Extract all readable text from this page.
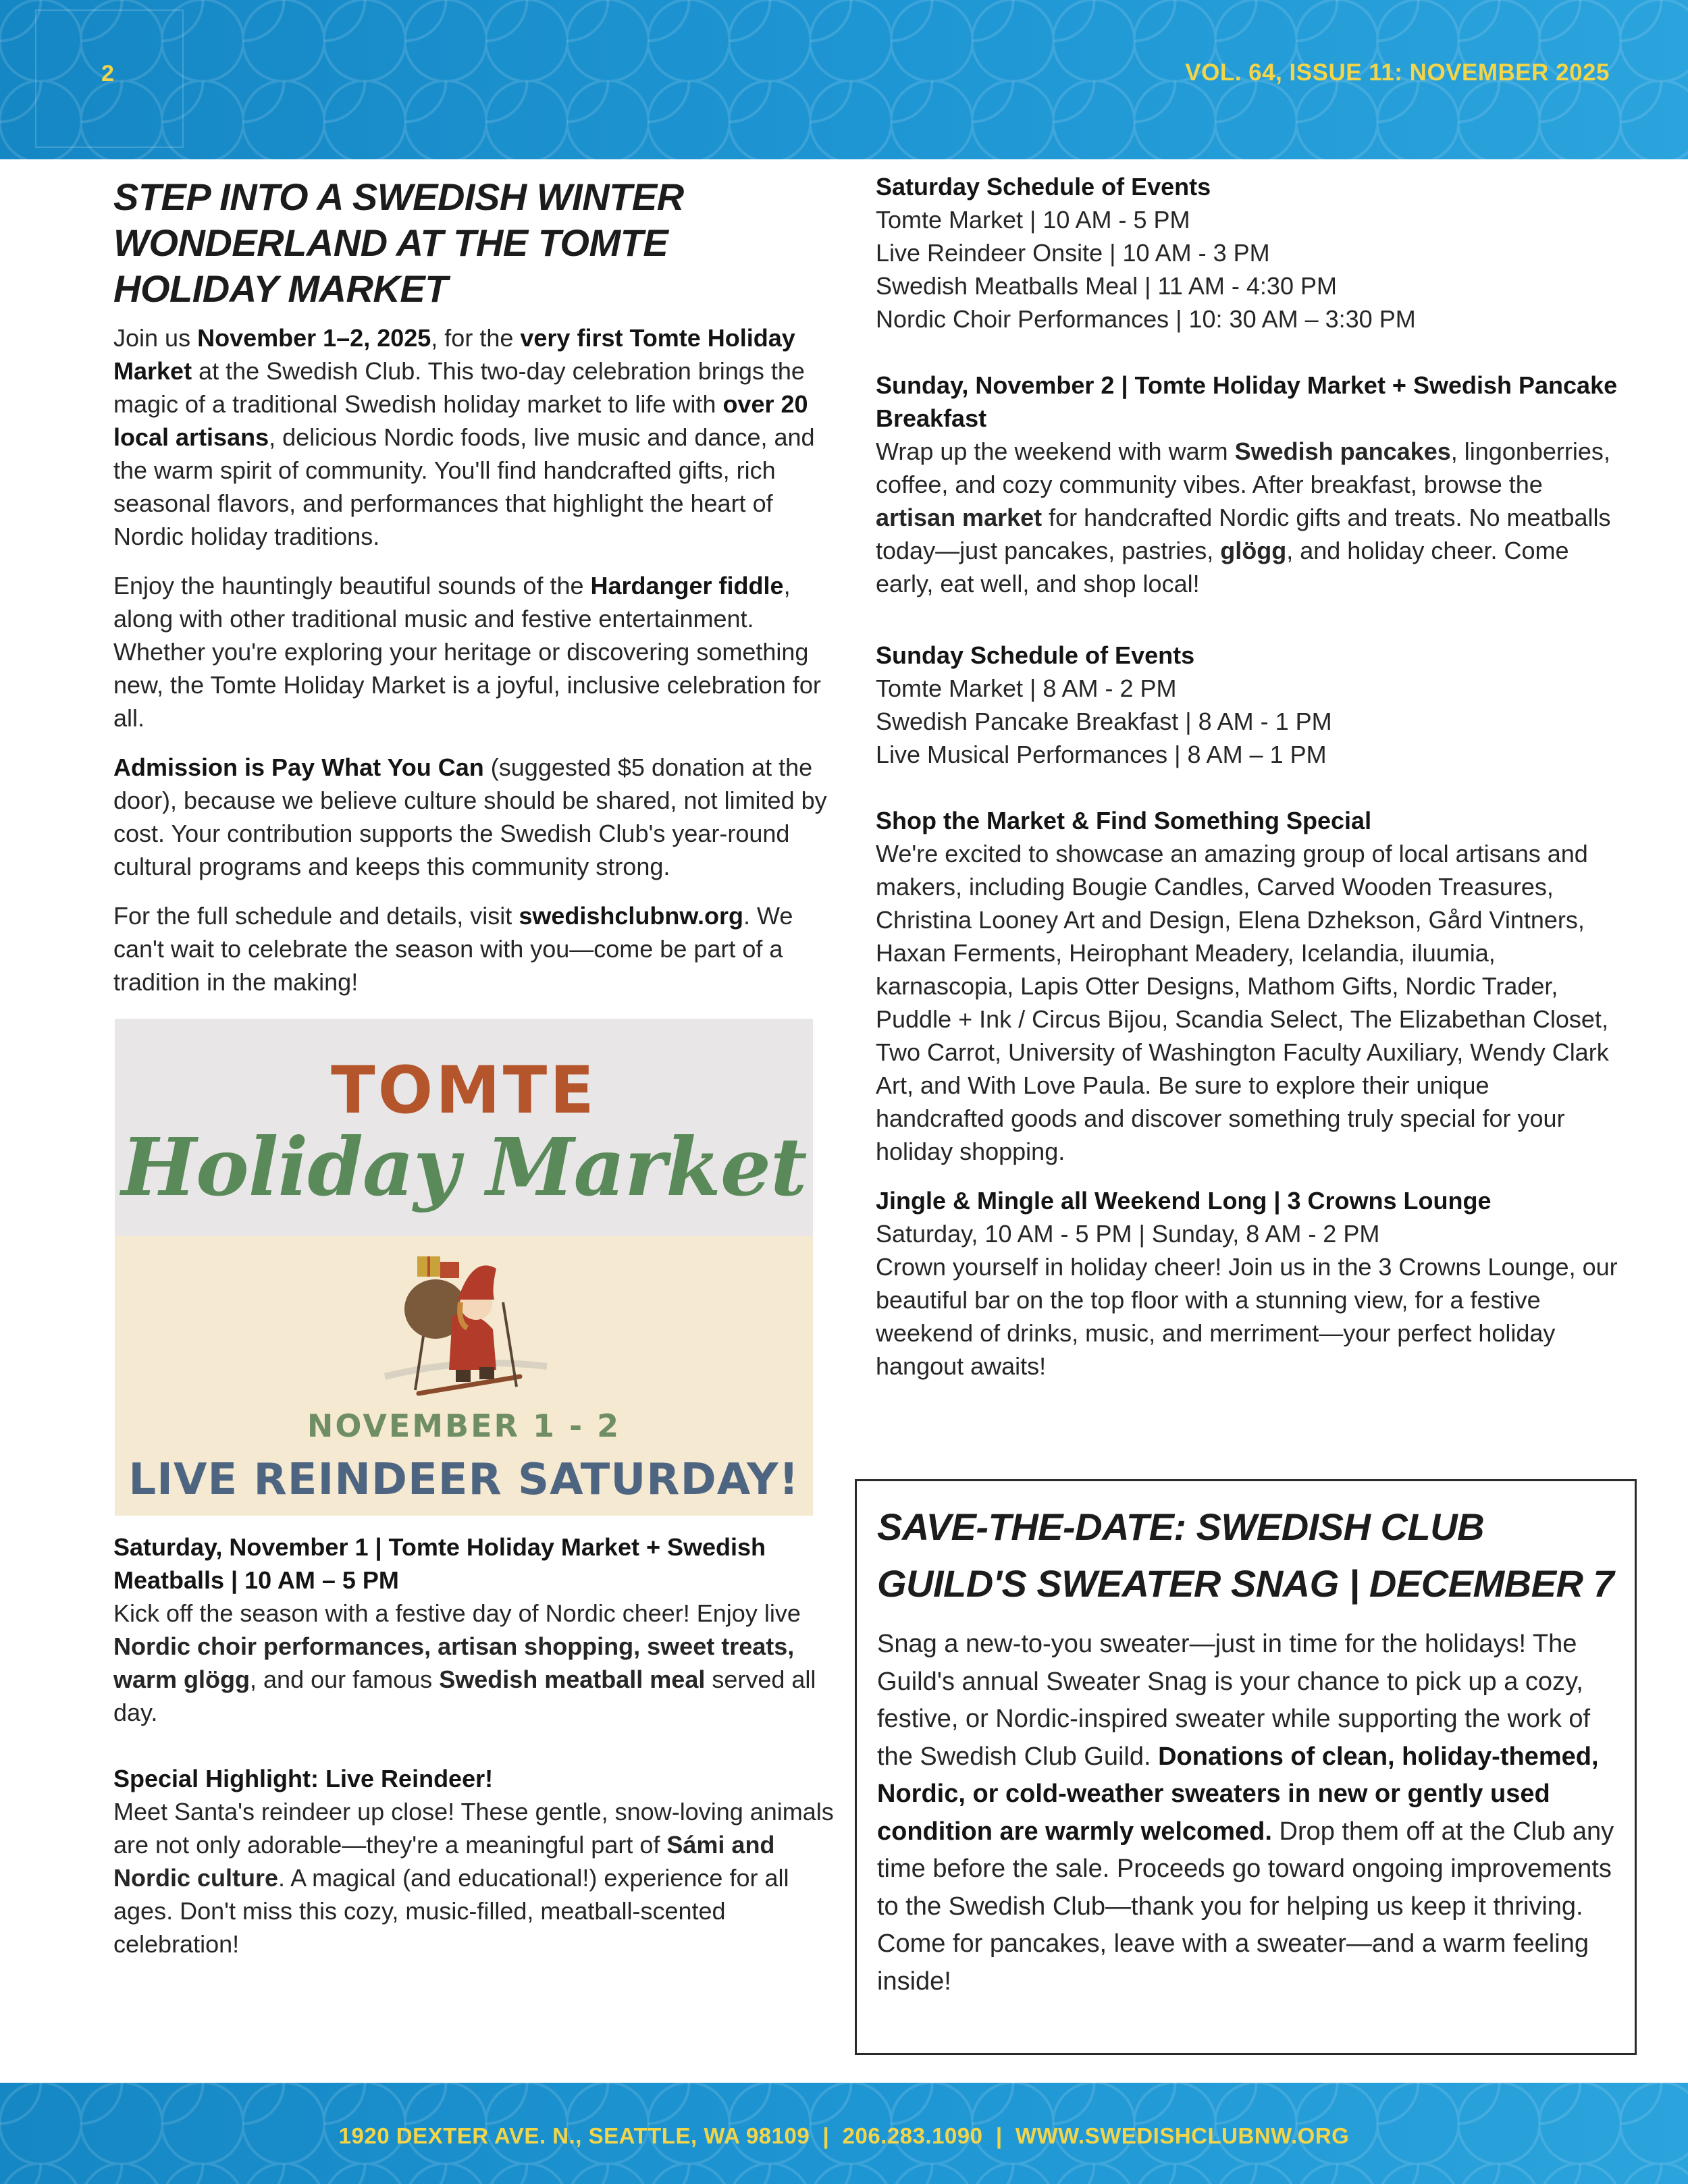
2	VOL. 64, ISSUE 11: NOVEMBER 2025
STEP INTO A SWEDISH WINTER WONDERLAND AT THE TOMTE HOLIDAY MARKET

Join us November 1–2, 2025, for the very first Tomte Holiday Market at the Swedish Club. This two-day celebration brings the magic of a traditional Swedish holiday market to life with over 20 local artisans, delicious Nordic foods, live music and dance, and the warm spirit of community. You'll find handcrafted gifts, rich seasonal flavors, and performances that highlight the heart of Nordic holiday traditions.

Enjoy the hauntingly beautiful sounds of the Hardanger fiddle, along with other traditional music and festive entertainment. Whether you're exploring your heritage or discovering something new, the Tomte Holiday Market is a joyful, inclusive celebration for all.

Admission is Pay What You Can (suggested $5 donation at the door), because we believe culture should be shared, not limited by cost. Your contribution supports the Swedish Club's year-round cultural programs and keeps this community strong.

For the full schedule and details, visit swedishclubnw.org. We can't wait to celebrate the season with you—come be part of a tradition in the making!

TOMTE
Holiday Market
NOVEMBER 1 - 2
LIVE REINDEER SATURDAY!
Saturday, November 1 | Tomte Holiday Market + Swedish Meatballs | 10 AM – 5 PM
Kick off the season with a festive day of Nordic cheer! Enjoy live Nordic choir performances, artisan shopping, sweet treats, warm glögg, and our famous Swedish meatball meal served all day.
Special Highlight: Live Reindeer!
Meet Santa's reindeer up close! These gentle, snow-loving animals are not only adorable—they're a meaningful part of Sámi and Nordic culture. A magical (and educational!) experience for all ages. Don't miss this cozy, music-filled, meatball-scented celebration!
Saturday Schedule of Events
Tomte Market | 10 AM - 5 PM
Live Reindeer Onsite | 10 AM - 3 PM
Swedish Meatballs Meal | 11 AM - 4:30 PM
Nordic Choir Performances | 10: 30 AM – 3:30 PM
Sunday, November 2 | Tomte Holiday Market + Swedish Pancake Breakfast
Wrap up the weekend with warm Swedish pancakes, lingonberries, coffee, and cozy community vibes. After breakfast, browse the artisan market for handcrafted Nordic gifts and treats. No meatballs today—just pancakes, pastries, glögg, and holiday cheer. Come early, eat well, and shop local!
Sunday Schedule of Events
Tomte Market | 8 AM - 2 PM
Swedish Pancake Breakfast | 8 AM - 1 PM
Live Musical Performances | 8 AM – 1 PM
Shop the Market & Find Something Special
We're excited to showcase an amazing group of local artisans and makers, including Bougie Candles, Carved Wooden Treasures, Christina Looney Art and Design, Elena Dzhekson, Gård Vintners, Haxan Ferments, Heirophant Meadery, Icelandia, iluumia, karnascopia, Lapis Otter Designs, Mathom Gifts, Nordic Trader, Puddle + Ink / Circus Bijou, Scandia Select, The Elizabethan Closet, Two Carrot, University of Washington Faculty Auxiliary, Wendy Clark Art, and With Love Paula. Be sure to explore their unique handcrafted goods and discover something truly special for your holiday shopping.
Jingle & Mingle all Weekend Long | 3 Crowns Lounge
Saturday, 10 AM - 5 PM | Sunday, 8 AM - 2 PM
Crown yourself in holiday cheer! Join us in the 3 Crowns Lounge, our beautiful bar on the top floor with a stunning view, for a festive weekend of drinks, music, and merriment—your perfect holiday hangout awaits!
SAVE-THE-DATE: SWEDISH CLUB GUILD'S SWEATER SNAG | DECEMBER 7

Snag a new-to-you sweater—just in time for the holidays! The Guild's annual Sweater Snag is your chance to pick up a cozy, festive, or Nordic-inspired sweater while supporting the work of the Swedish Club Guild. Donations of clean, holiday-themed, Nordic, or cold-weather sweaters in new or gently used condition are warmly welcomed. Drop them off at the Club any time before the sale. Proceeds go toward ongoing improvements to the Swedish Club—thank you for helping us keep it thriving. Come for pancakes, leave with a sweater—and a warm feeling inside!

1920 DEXTER AVE. N., SEATTLE, WA 98109  |  206.283.1090  |  WWW.SWEDISHCLUBNW.ORG
